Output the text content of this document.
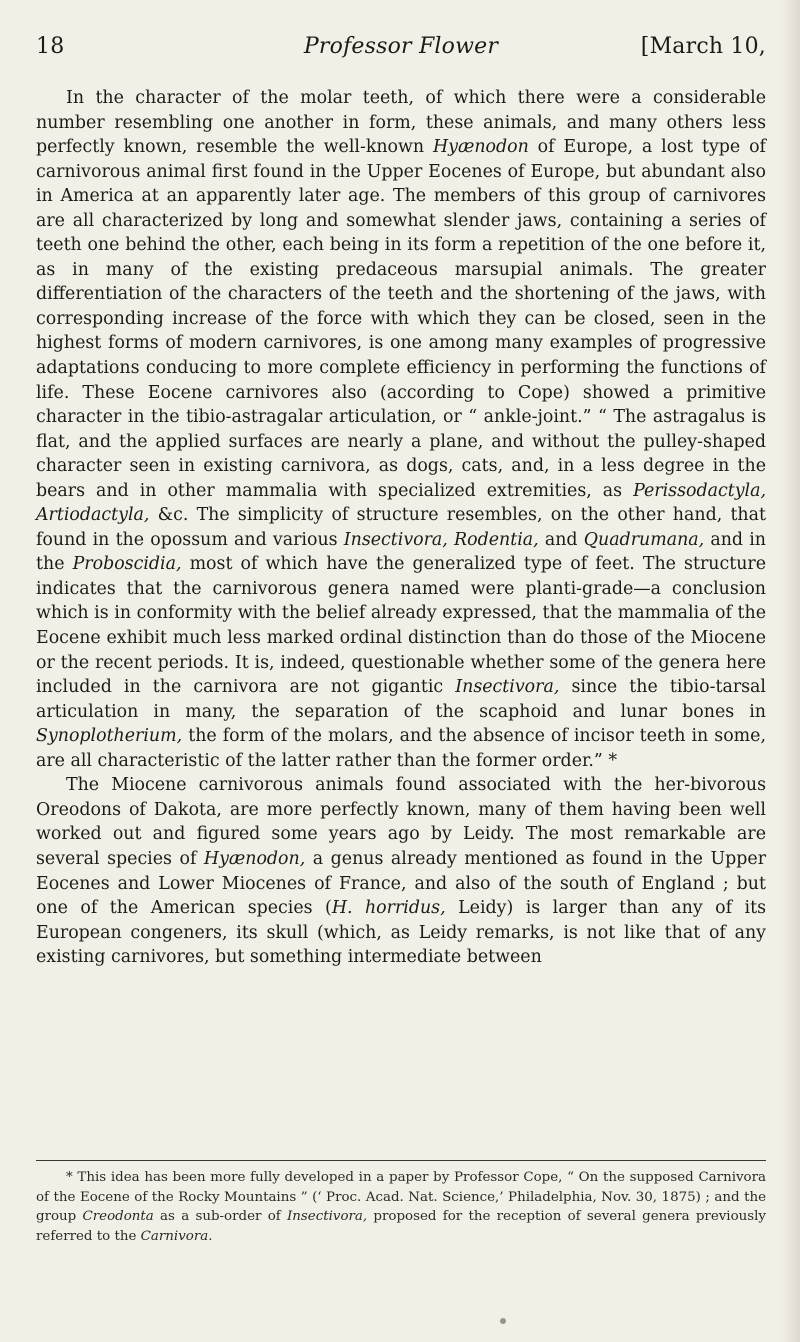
18	Professor Flower	[March 10,

In the character of the molar teeth, of which there were a considerable number resembling one another in form, these animals, and many others less perfectly known, resemble the well-known Hyænodon of Europe, a lost type of carnivorous animal first found in the Upper Eocenes of Europe, but abundant also in America at an apparently later age. The members of this group of carnivores are all characterized by long and somewhat slender jaws, containing a series of teeth one behind the other, each being in its form a repetition of the one before it, as in many of the existing predaceous marsupial animals. The greater differentiation of the characters of the teeth and the shortening of the jaws, with corresponding increase of the force with which they can be closed, seen in the highest forms of modern carnivores, is one among many examples of progressive adaptations conducing to more complete efficiency in performing the functions of life. These Eocene carnivores also (according to Cope) showed a primitive character in the tibio-astragalar articulation, or “ ankle-joint.” “ The astragalus is flat, and the applied surfaces are nearly a plane, and without the pulley-shaped character seen in existing carnivora, as dogs, cats, and, in a less degree in the bears and in other mammalia with specialized extremities, as Perissodactyla, Artiodactyla, &c. The simplicity of structure resembles, on the other hand, that found in the opossum and various Insectivora, Rodentia, and Quadrumana, and in the Proboscidia, most of which have the generalized type of feet. The structure indicates that the carnivorous genera named were planti-grade—a conclusion which is in conformity with the belief already expressed, that the mammalia of the Eocene exhibit much less marked ordinal distinction than do those of the Miocene or the recent periods. It is, indeed, questionable whether some of the genera here included in the carnivora are not gigantic Insectivora, since the tibio-tarsal articulation in many, the separation of the scaphoid and lunar bones in Synoplotherium, the form of the molars, and the absence of incisor teeth in some, are all characteristic of the latter rather than the former order.” *

The Miocene carnivorous animals found associated with the her-bivorous Oreodons of Dakota, are more perfectly known, many of them having been well worked out and figured some years ago by Leidy. The most remarkable are several species of Hyænodon, a genus already mentioned as found in the Upper Eocenes and Lower Miocenes of France, and also of the south of England ; but one of the American species (H. horridus, Leidy) is larger than any of its European congeners, its skull (which, as Leidy remarks, is not like that of any existing carnivores, but something intermediate between

* This idea has been more fully developed in a paper by Professor Cope, “ On the supposed Carnivora of the Eocene of the Rocky Mountains ” (‘ Proc. Acad. Nat. Science,’ Philadelphia, Nov. 30, 1875) ; and the group Creodonta as a sub-order of Insectivora, proposed for the reception of several genera previously referred to the Carnivora.
